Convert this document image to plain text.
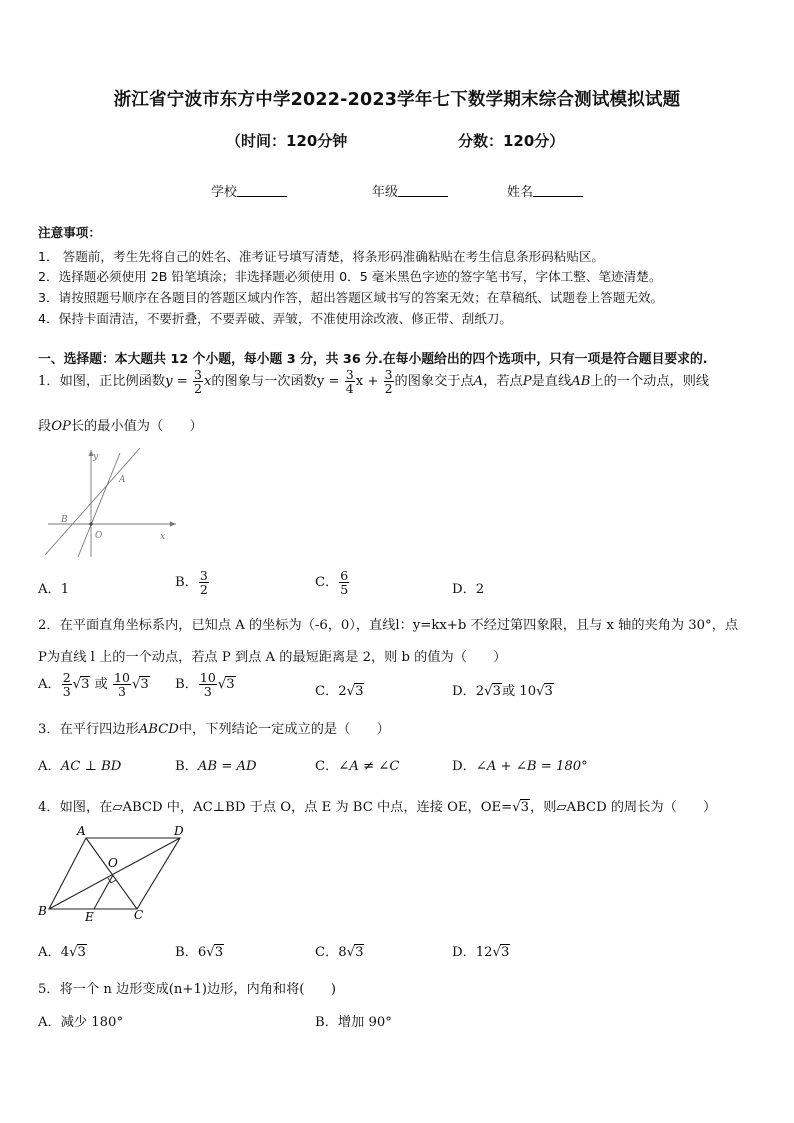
浙江省宁波市东方中学2022-2023学年七下数学期末综合测试模拟试题
（时间：120分钟	分数：120分）
学校	年级	姓名
注意事项：
1． 答题前，考生先将自己的姓名、准考证号填写清楚，将条形码准确粘贴在考生信息条形码粘贴区。
2．选择题必须使用 2B 铅笔填涂；非选择题必须使用 0．5 毫米黑色字迹的签字笔书写，字体工整、笔迹清楚。
3．请按照题号顺序在各题目的答题区域内作答，超出答题区域书写的答案无效；在草稿纸、试题卷上答题无效。
4．保持卡面清洁，不要折叠，不要弄破、弄皱，不准使用涂改液、修正带、刮纸刀。
一、选择题：本大题共 12 个小题，每小题 3 分，共 36 分.在每小题给出的四个选项中，只有一项是符合题目要求的.
1．如图，正比例函数$y = \frac{3}{2}$ x的图象与一次函数$y = \frac{3}{4}$ $x + \frac{3}{2}$ 的图象交于点A，若点P是直线AB上的一个动点，则线
段OP长的最小值为（　　）
y
A
B
O	x
A．1	B． $\frac{3}{2}$	C． $\frac{6}{5}$	D．2
2．在平面直角坐标系内，已知点 A 的坐标为（-6，0），直线l：y=kx+b 不经过第四象限，且与 x 轴的夹角为 30°，点
P为直线 l 上的一个动点，若点 P 到点 A 的最短距离是 2，则 b 的值为（　　）
A． $\frac{2}{3} √3$ 或 $\frac{10}{3} √3$ B． $\frac{10}{3} √3$	C．2√3	D．2√3或 10√3
3．在平行四边形ABCD中，下列结论一定成立的是（　　）
A．AC ⊥ BD	B．AB = AD	C．∠A ≠ ∠C	D．∠A + ∠B = 180°
4．如图，在▱ABCD 中，AC⊥BD 于点 O，点 E 为 BC 中点，连接 OE，OE=√3，则▱ABCD 的周长为（　　）
A	D
O
B	E	C
A．4√3	B．6√3	C．8√3	D．12√3
5．将一个 n 边形变成(n+1)边形，内角和将(　　)
A．减少 180°	B．增加 90°
